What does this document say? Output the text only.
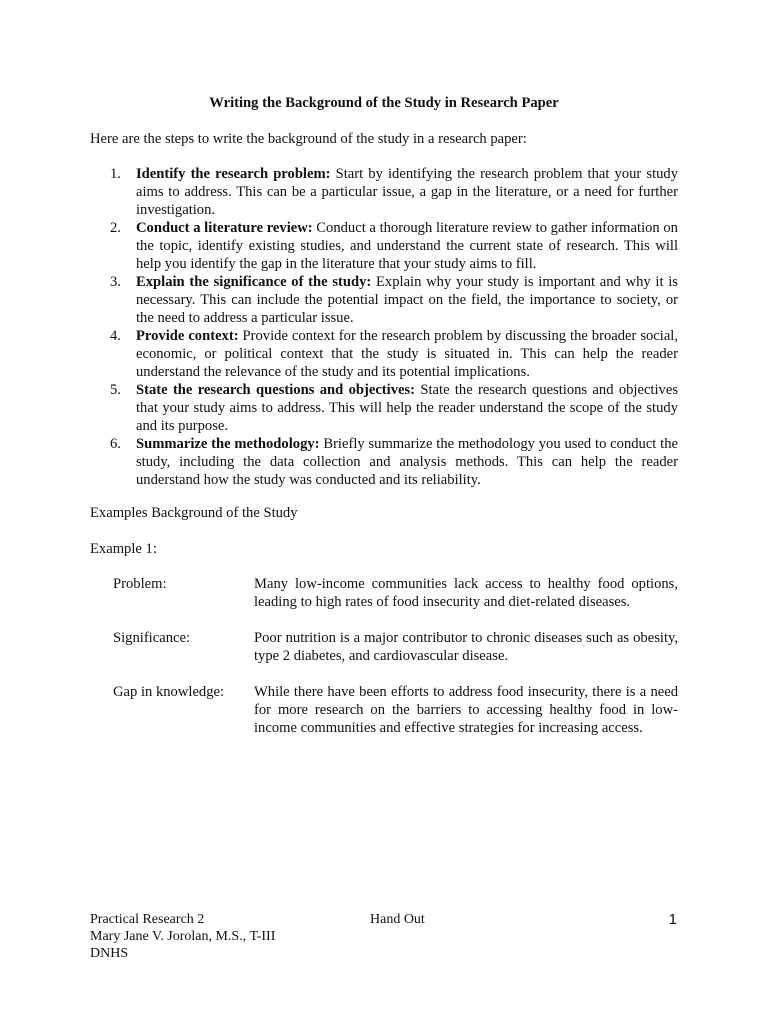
Writing the Background of the Study in Research Paper
Here are the steps to write the background of the study in a research paper:
1. Identify the research problem: Start by identifying the research problem that your study aims to address. This can be a particular issue, a gap in the literature, or a need for further investigation.
2. Conduct a literature review: Conduct a thorough literature review to gather information on the topic, identify existing studies, and understand the current state of research. This will help you identify the gap in the literature that your study aims to fill.
3. Explain the significance of the study: Explain why your study is important and why it is necessary. This can include the potential impact on the field, the importance to society, or the need to address a particular issue.
4. Provide context: Provide context for the research problem by discussing the broader social, economic, or political context that the study is situated in. This can help the reader understand the relevance of the study and its potential implications.
5. State the research questions and objectives: State the research questions and objectives that your study aims to address. This will help the reader understand the scope of the study and its purpose.
6. Summarize the methodology: Briefly summarize the methodology you used to conduct the study, including the data collection and analysis methods. This can help the reader understand how the study was conducted and its reliability.
Examples Background of the Study
Example 1:
Problem:	Many low-income communities lack access to healthy food options, leading to high rates of food insecurity and diet-related diseases.
Significance:	Poor nutrition is a major contributor to chronic diseases such as obesity, type 2 diabetes, and cardiovascular disease.
Gap in knowledge:	While there have been efforts to address food insecurity, there is a need for more research on the barriers to accessing healthy food in low-income communities and effective strategies for increasing access.
Practical Research 2
Mary Jane V. Jorolan, M.S., T-III
DNHS
Hand Out	1
